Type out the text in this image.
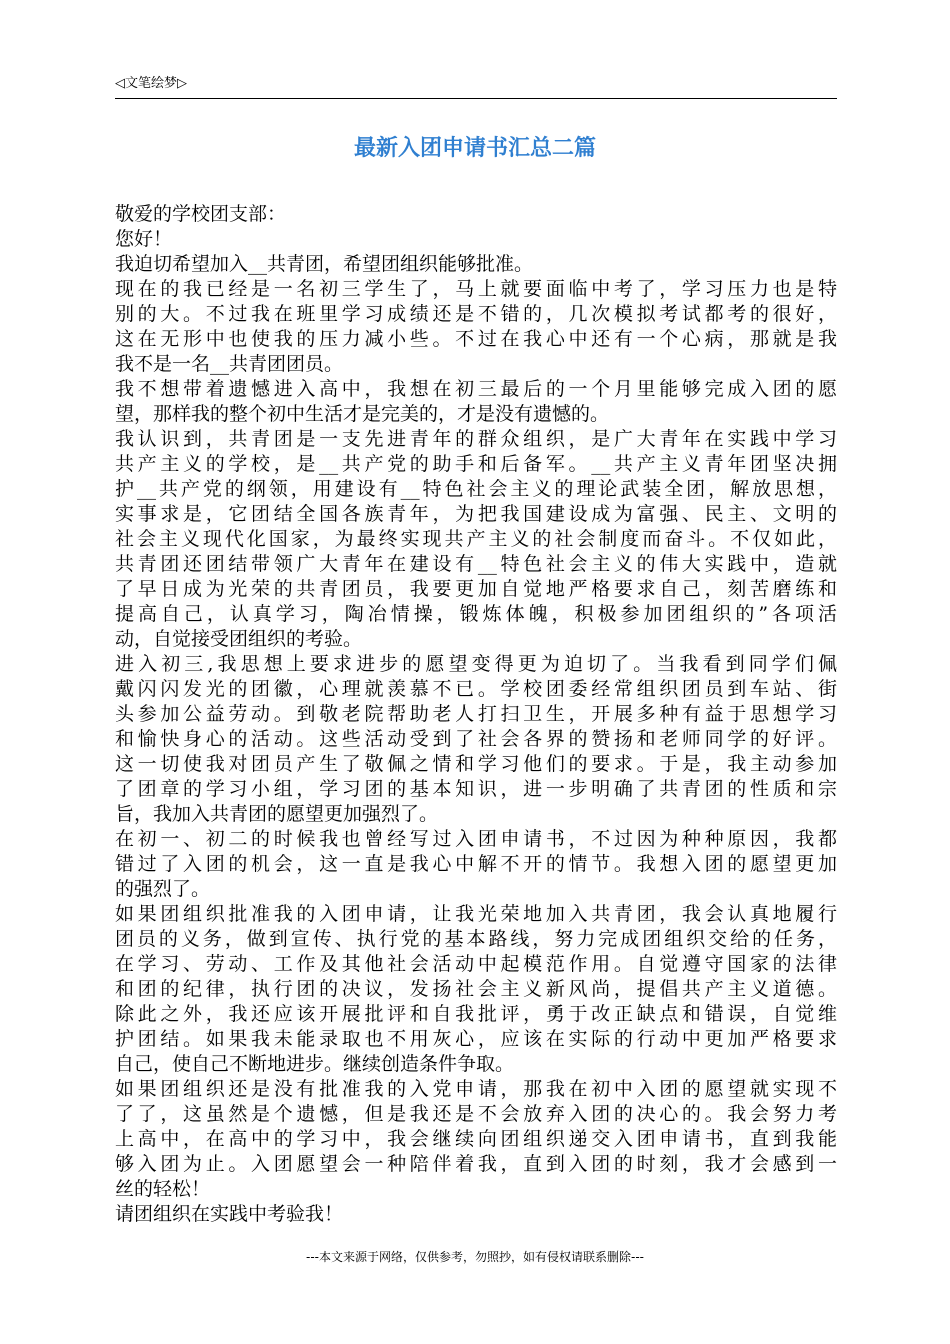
◁文笔绘梦▷
最新入团申请书汇总二篇
敬爱的学校团支部：
您好！
我迫切希望加入__共青团，希望团组织能够批准。
现在的我已经是一名初三学生了，马上就要面临中考了，学习压力也是特
别的大。不过我在班里学习成绩还是不错的，几次模拟考试都考的很好，
这在无形中也使我的压力减小些。不过在我心中还有一个心病，那就是我
我不是一名__共青团团员。
我不想带着遗憾进入高中，我想在初三最后的一个月里能够完成入团的愿
望，那样我的整个初中生活才是完美的，才是没有遗憾的。
我认识到，共青团是一支先进青年的群众组织，是广大青年在实践中学习
共产主义的学校，是__共产党的助手和后备军。__共产主义青年团坚决拥
护__共产党的纲领，用建设有__特色社会主义的理论武装全团，解放思想，
实事求是，它团结全国各族青年，为把我国建设成为富强、民主、文明的
社会主义现代化国家，为最终实现共产主义的社会制度而奋斗。不仅如此，
共青团还团结带领广大青年在建设有__特色社会主义的伟大实践中，造就
了早日成为光荣的共青团员，我要更加自觉地严格要求自己，刻苦磨练和
提高自己，认真学习，陶冶情操，锻炼体魄，积极参加团组织的”各项活
动，自觉接受团组织的考验。
进入初三,我思想上要求进步的愿望变得更为迫切了。当我看到同学们佩
戴闪闪发光的团徽，心理就羡慕不已。学校团委经常组织团员到车站、街
头参加公益劳动。到敬老院帮助老人打扫卫生，开展多种有益于思想学习
和愉快身心的活动。这些活动受到了社会各界的赞扬和老师同学的好评。
这一切使我对团员产生了敬佩之情和学习他们的要求。于是，我主动参加
了团章的学习小组，学习团的基本知识，进一步明确了共青团的性质和宗
旨，我加入共青团的愿望更加强烈了。
在初一、初二的时候我也曾经写过入团申请书，不过因为种种原因，我都
错过了入团的机会，这一直是我心中解不开的情节。我想入团的愿望更加
的强烈了。
如果团组织批准我的入团申请，让我光荣地加入共青团，我会认真地履行
团员的义务，做到宣传、执行党的基本路线，努力完成团组织交给的任务，
在学习、劳动、工作及其他社会活动中起模范作用。自觉遵守国家的法律
和团的纪律，执行团的决议，发扬社会主义新风尚，提倡共产主义道德。
除此之外，我还应该开展批评和自我批评，勇于改正缺点和错误，自觉维
护团结。如果我未能录取也不用灰心，应该在实际的行动中更加严格要求
自己，使自己不断地进步。继续创造条件争取。
如果团组织还是没有批准我的入党申请，那我在初中入团的愿望就实现不
了了，这虽然是个遗憾，但是我还是不会放弃入团的决心的。我会努力考
上高中，在高中的学习中，我会继续向团组织递交入团申请书，直到我能
够入团为止。入团愿望会一种陪伴着我，直到入团的时刻，我才会感到一
丝的轻松！
请团组织在实践中考验我！
---本文来源于网络，仅供参考，勿照抄，如有侵权请联系删除---
